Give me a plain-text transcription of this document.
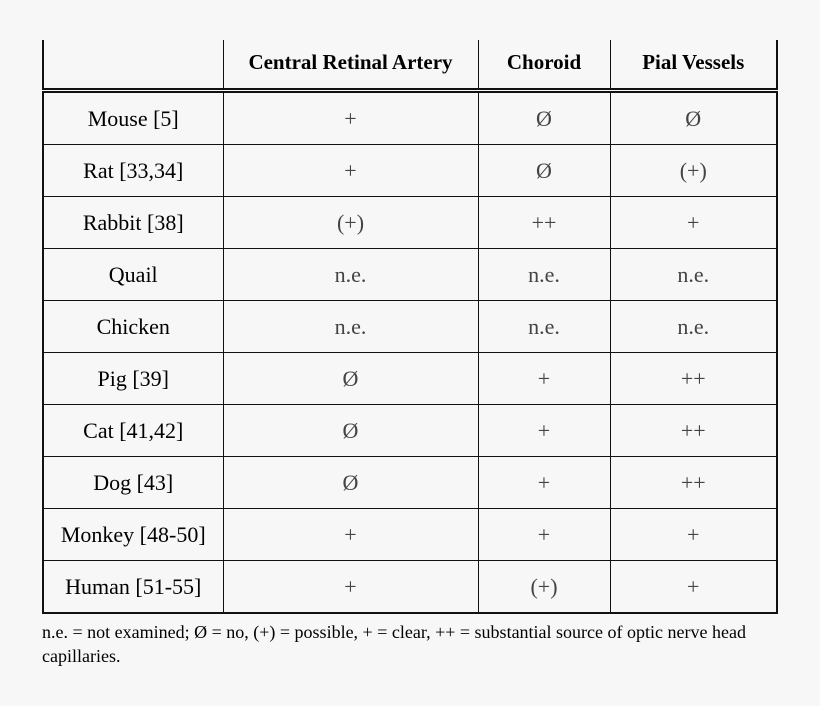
	Central Retinal Artery	Choroid	Pial Vessels
Mouse [5]	+	Ø	Ø
Rat [33,34]	+	Ø	(+)
Rabbit [38]	(+)	++	+
Quail	n.e.	n.e.	n.e.
Chicken	n.e.	n.e.	n.e.
Pig [39]	Ø	+	++
Cat [41,42]	Ø	+	++
Dog [43]	Ø	+	++
Monkey [48-50]	+	+	+
Human [51-55]	+	(+)	+
n.e. = not examined; Ø = no, (+) = possible, + = clear, ++ = substantial source of optic nerve head capillaries.
